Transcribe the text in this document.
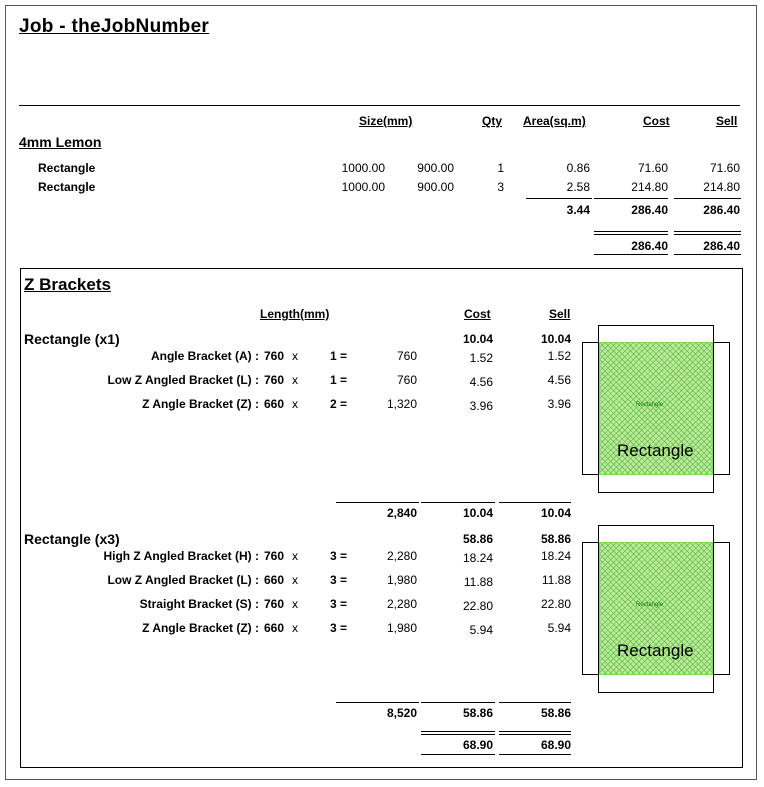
Job - theJobNumber
Size(mm)	Qty Area(sq.m)	Cost	Sell
4mm Lemon
Rectangle	1000.00	900.00	1	0.86	71.60	71.60
Rectangle	1000.00	900.00	3	2.58	214.80	214.80
3.44	286.40	286.40
286.40	286.40
Z Brackets
Length(mm)	Cost	Sell
Rectangle (x1)	10.04	10.04
Angle Bracket (A) : 760 x	1 =	760	1.52	1.52
Low Z Angled Bracket (L) : 760 x	1 =	760	4.56	4.56
Z Angle Bracket (Z) : 660 x	2 =	1,320	3.96	3.96
2,840	10.04	10.04
Rectangle
Rectangle
Rectangle (x3)	58.86	58.86
High Z Angled Bracket (H) : 760 x	3 =	2,280	18.24	18.24
Low Z Angled Bracket (L) : 660 x	3 =	1,980	11.88	11.88
Straight Bracket (S) : 760 x	3 =	2,280	22.80	22.80
Z Angle Bracket (Z) : 660 x	3 =	1,980	5.94	5.94
8,520	58.86	58.86
Rectangle
Rectangle
68.90	68.90
